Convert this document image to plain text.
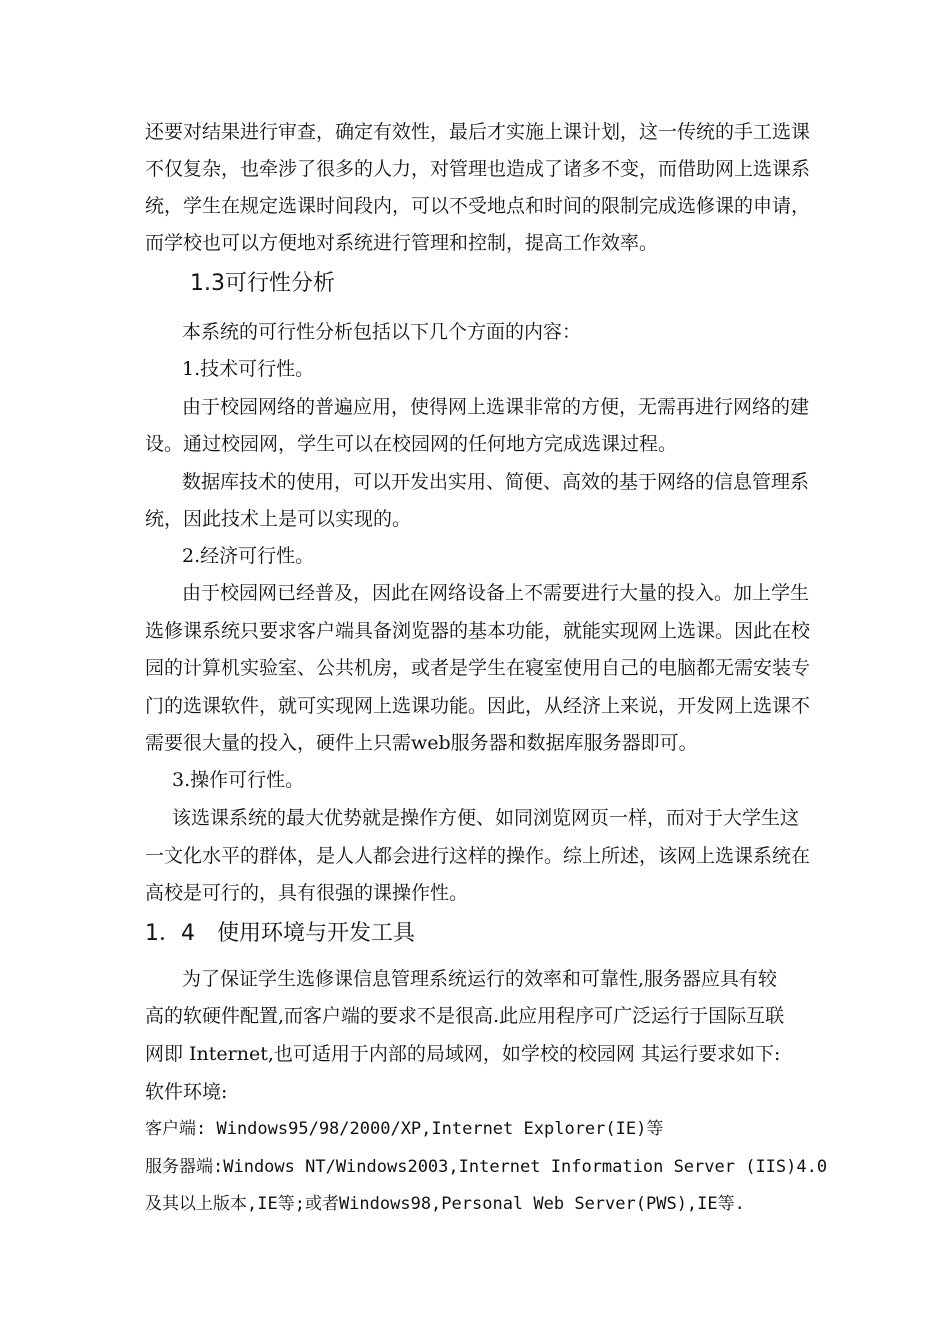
还要对结果进行审查，确定有效性，最后才实施上课计划，这一传统的手工选课

不仅复杂，也牵涉了很多的人力，对管理也造成了诸多不变，而借助网上选课系

统，学生在规定选课时间段内，可以不受地点和时间的限制完成选修课的申请，

而学校也可以方便地对系统进行管理和控制，提高工作效率。

1.3可行性分析

本系统的可行性分析包括以下几个方面的内容：

1.技术可行性。

由于校园网络的普遍应用，使得网上选课非常的方便，无需再进行网络的建

设。通过校园网，学生可以在校园网的任何地方完成选课过程。

数据库技术的使用，可以开发出实用、简便、高效的基于网络的信息管理系

统，因此技术上是可以实现的。

2.经济可行性。

由于校园网已经普及，因此在网络设备上不需要进行大量的投入。加上学生

选修课系统只要求客户端具备浏览器的基本功能，就能实现网上选课。因此在校

园的计算机实验室、公共机房，或者是学生在寝室使用自己的电脑都无需安装专

门的选课软件，就可实现网上选课功能。因此，从经济上来说，开发网上选课不

需要很大量的投入，硬件上只需web服务器和数据库服务器即可。

3.操作可行性。

该选课系统的最大优势就是操作方便、如同浏览网页一样，而对于大学生这

一文化水平的群体，是人人都会进行这样的操作。综上所述，该网上选课系统在

高校是可行的，具有很强的课操作性。

1．4　使用环境与开发工具

为了保证学生选修课信息管理系统运行的效率和可靠性,服务器应具有较

高的软硬件配置,而客户端的要求不是很高.此应用程序可广泛运行于国际互联

网即 Internet,也可适用于内部的局域网，如学校的校园网 其运行要求如下:

软件环境:

客户端: Windows95/98/2000/XP,Internet Explorer(IE)等

服务器端:Windows NT/Windows2003,Internet Information Server (IIS)4.0

及其以上版本,IE等;或者Windows98,Personal Web Server(PWS),IE等.
